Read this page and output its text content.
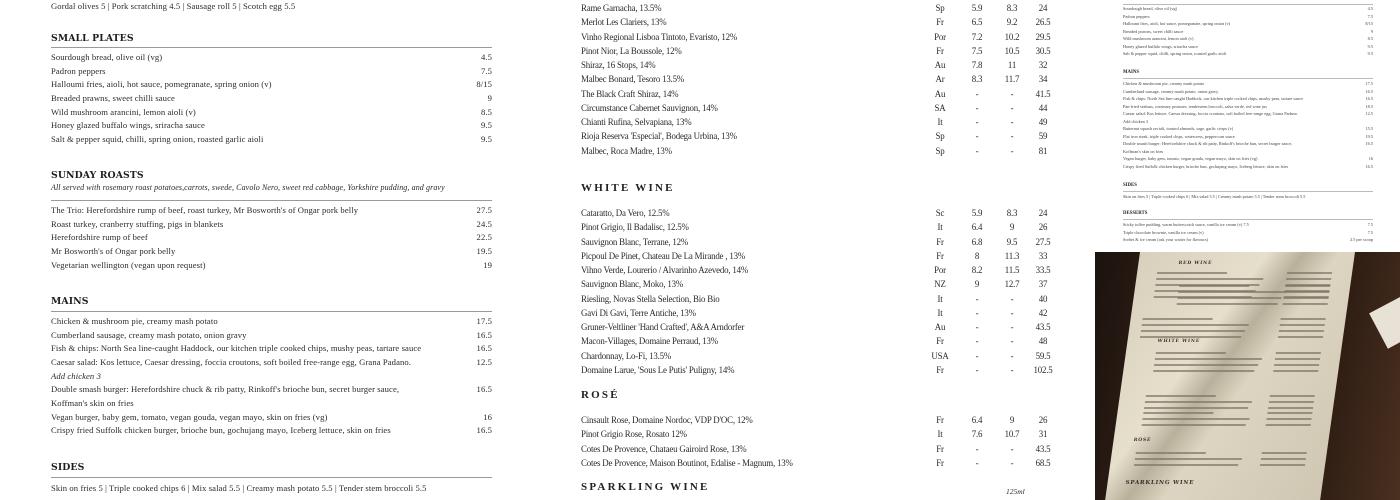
Gordal olives 5 | Pork scratching 4.5 | Sausage roll 5 | Scotch egg 5.5
SMALL PLATES
Sourdough bread, olive oil (vg)	4.5
Padron peppers	7.5
Halloumi fries, aioli, hot sauce, pomegranate, spring onion (v)	8/15
Breaded prawns, sweet chilli sauce	9
Wild mushroom arancini, lemon aioli (v)	8.5
Honey glazed buffalo wings, sriracha sauce	9.5
Salt & pepper squid, chilli, spring onion, roasted garlic aioli	9.5
SUNDAY ROASTS
All served with rosemary roast potatoes,carrots, swede, Cavolo Nero, sweet red cabbage, Yorkshire pudding, and gravy
The Trio: Herefordshire rump of beef, roast turkey, Mr Bosworth's of Ongar pork belly	27.5
Roast turkey, cranberry stuffing, pigs in blankets	24.5
Herefordshire rump of beef	22.5
Mr Bosworth's of Ongar pork belly	19.5
Vegetarian wellington (vegan upon request)	19
MAINS
Chicken & mushroom pie, creamy mash potato	17.5
Cumberland sausage, creamy mash potato, onion gravy	16.5
Fish & chips: North Sea line-caught Haddock, our kitchen triple cooked chips, mushy peas, tartare sauce	16.5
Caesar salad: Kos lettuce, Caesar dressing, foccia croutons, soft boiled free-range egg, Grana Padano.	12.5
Add chicken 3
Double smash burger: Herefordshire chuck & rib patty, Rinkoff's brioche bun, secret burger sauce,	16.5
Koffman's skin on fries
Vegan burger, baby gem, tomato, vegan gouda, vegan mayo, skin on fries (vg)	16
Crispy fried Suffolk chicken burger, brioche bun, gochujang mayo, Iceberg lettuce, skin on fries	16.5
SIDES
Skin on fries 5 | Triple cooked chips 6 | Mix salad 5.5 | Creamy mash potato 5.5 | Tender stem broccoli 5.5
Rame Garnacha, 13.5%	Sp	5.9	8.3	24
Merlot Les Clariers, 13%	Fr	6.5	9.2	26.5
Vinho Regional Lisboa Tintoto, Evaristo, 12%	Por	7.2	10.2	29.5
Pinot Nior, La Boussole, 12%	Fr	7.5	10.5	30.5
Shiraz, 16 Stops, 14%	Au	7.8	11	32
Malbec Bonard, Tesoro 13.5%	Ar	8.3	11.7	34
The Black Craft Shiraz, 14%	Au	-	-	41.5
Circumstance Cabernet Sauvignon, 14%	SA	-	-	44
Chianti Rufina, Selvapiana, 13%	It	-	-	49
Rioja Reserva 'Especial', Bodega Urbina, 13%	Sp	-	-	59
Malbec, Roca Madre, 13%	Sp	-	-	81
WHITE WINE
Cataratto, Da Vero, 12.5%	Sc	5.9	8.3	24
Pinot Grigio, Il Badalisc, 12.5%	It	6.4	9	26
Sauvignon Blanc, Terrane, 12%	Fr	6.8	9.5	27.5
Picpoul De Pinet, Chateau De La Mirande , 13%	Fr	8	11.3	33
Vihno Verde, Lourerio / Alvarinho Azevedo, 14%	Por	8.2	11.5	33.5
Sauvignon Blanc, Moko, 13%	NZ	9	12.7	37
Riesling, Novas Stella Selection, Bio Bio	It	-	-	40
Gavi Di Gavi, Terre Antiche, 13%	It	-	-	42
Gruner-Veltliner 'Hand Crafted', A&A Arndorfer	Au	-	-	43.5
Macon-Villages, Domaine Perraud, 13%	Fr	-	-	48
Chardonnay, Lo-Fi, 13.5%	USA	-	-	59.5
Domaine Larue, 'Sous Le Putis' Puligny, 14%	Fr	-	-	102.5
ROSÉ
Cinsault Rose, Domaine Nordoc, VDP D'OC, 12%	Fr	6.4	9	26
Pinot Grigio Rose, Rosato 12%	It	7.6	10.7	31
Cotes De Provence, Chataeu Gairoird Rose, 13%	Fr	-	-	43.5
Cotes De Provence, Maison Boutinot, Edalise - Magnum, 13%	Fr	-	-	68.5
SPARKLING WINE	125ml
Sourdough bread, olive oil (vg)	4.5
Padron peppers	7.5
Halloumi fries, aioli, hot sauce, pomegranate, spring onion (v)	8/15
Breaded prawns, sweet chilli sauce	9
Wild mushroom arancini, lemon aioli (v)	8.5
Honey glazed buffalo wings, sriracha sauce	9.5
Salt & pepper squid, chilli, spring onion, roasted garlic aioli	9.5
MAINS
Chicken & mushroom pie, creamy mash potato	17.5
Cumberland sausage, creamy mash potato, onion gravy	16.5
Fish & chips: North Sea line-caught Haddock, our kitchen triple cooked chips, mushy peas, tartare sauce	16.5
Pan-fried seabass, rosemary potatoes, tenderstem broccoli, salsa verde, red wine jus	18.5
Caesar salad: Kos lettuce, Caesar dressing, foccia croutons, soft boiled free-range egg, Grana Padano.	12.5
Add chicken 3
Butternut squash ravioli, toasted almonds, sage, garlic crisps (v)	15.5
Flat iron steak, triple cooked chips, watercress, peppercorn sauce	19.5
Double smash burger: Herefordshire chuck & rib patty, Rinkoff's brioche bun, secret burger sauce,	16.5
Koffman's skin on fries
Vegan burger, baby gem, tomato, vegan gouda, vegan mayo, skin on fries (vg)	16
Crispy fried Suffolk chicken burger, brioche bun, gochujang mayo, Iceberg lettuce, skin on fries	16.5
SIDES
Skin on fries 5 | Triple cooked chips 6 | Mix salad 5.5 | Creamy mash potato 5.5 | Tender stem broccoli 5.5
DESSERTS
Sticky toffee pudding, warm butterscotch sauce, vanilla ice cream (v) 7.5	7.5
Triple chocolate brownie, vanilla ice cream (v)	7.5
Sorbet & ice cream (ask your waiter for flavours)	2.5 per scoop
RED WINE
WHITE WINE
ROSÉ
SPARKLING WINE
